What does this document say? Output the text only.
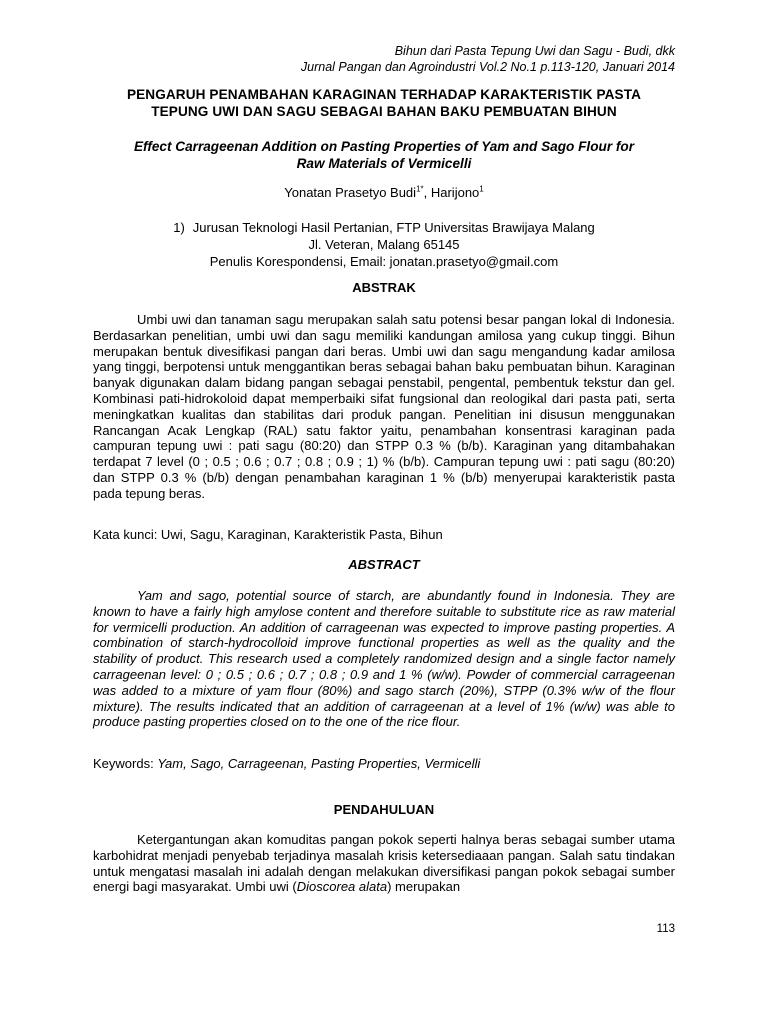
Bihun dari Pasta Tepung Uwi dan Sagu - Budi, dkk
Jurnal Pangan dan Agroindustri Vol.2 No.1 p.113-120, Januari 2014
PENGARUH PENAMBAHAN KARAGINAN TERHADAP KARAKTERISTIK PASTA
TEPUNG UWI DAN SAGU SEBAGAI BAHAN BAKU PEMBUATAN BIHUN
Effect Carrageenan Addition on Pasting Properties of Yam and Sago Flour for
Raw Materials of Vermicelli
Yonatan Prasetyo Budi$^{1*}$, Harijono$^1$
1) Jurusan Teknologi Hasil Pertanian, FTP Universitas Brawijaya Malang
Jl. Veteran, Malang 65145
Penulis Korespondensi, Email: jonatan.prasetyo@gmail.com
ABSTRAK
Umbi uwi dan tanaman sagu merupakan salah satu potensi besar pangan lokal di Indonesia. Berdasarkan penelitian, umbi uwi dan sagu memiliki kandungan amilosa yang cukup tinggi. Bihun merupakan bentuk divesifikasi pangan dari beras. Umbi uwi dan sagu mengandung kadar amilosa yang tinggi, berpotensi untuk menggantikan beras sebagai bahan baku pembuatan bihun. Karaginan banyak digunakan dalam bidang pangan sebagai penstabil, pengental, pembentuk tekstur dan gel. Kombinasi pati-hidrokoloid dapat memperbaiki sifat fungsional dan reologikal dari pasta pati, serta meningkatkan kualitas dan stabilitas dari produk pangan. Penelitian ini disusun menggunakan Rancangan Acak Lengkap (RAL) satu faktor yaitu, penambahan konsentrasi karaginan pada campuran tepung uwi : pati sagu (80:20) dan STPP 0.3 % (b/b). Karaginan yang ditambahakan terdapat 7 level (0 ; 0.5 ; 0.6 ; 0.7 ; 0.8 ; 0.9 ; 1) % (b/b). Campuran tepung uwi : pati sagu (80:20) dan STPP 0.3 % (b/b) dengan penambahan karaginan 1 % (b/b) menyerupai karakteristik pasta pada tepung beras.
Kata kunci: Uwi, Sagu, Karaginan, Karakteristik Pasta, Bihun
ABSTRACT
Yam and sago, potential source of starch, are abundantly found in Indonesia. They are known to have a fairly high amylose content and therefore suitable to substitute rice as raw material for vermicelli production. An addition of carrageenan was expected to improve pasting properties. A combination of starch-hydrocolloid improve functional properties as well as the quality and the stability of product. This research used a completely randomized design and a single factor namely carrageenan level: 0 ; 0.5 ; 0.6 ; 0.7 ; 0.8 ; 0.9 and 1 % (w/w). Powder of commercial carrageenan was added to a mixture of yam flour (80%) and sago starch (20%), STPP (0.3% w/w of the flour mixture). The results indicated that an addition of carrageenan at a level of 1% (w/w) was able to produce pasting properties closed on to the one of the rice flour.
Keywords: Yam, Sago, Carrageenan, Pasting Properties, Vermicelli
PENDAHULUAN
Ketergantungan akan komuditas pangan pokok seperti halnya beras sebagai sumber utama karbohidrat menjadi penyebab terjadinya masalah krisis ketersediaaan pangan. Salah satu tindakan untuk mengatasi masalah ini adalah dengan melakukan diversifikasi pangan pokok sebagai sumber energi bagi masyarakat. Umbi uwi (Dioscorea alata) merupakan
113
